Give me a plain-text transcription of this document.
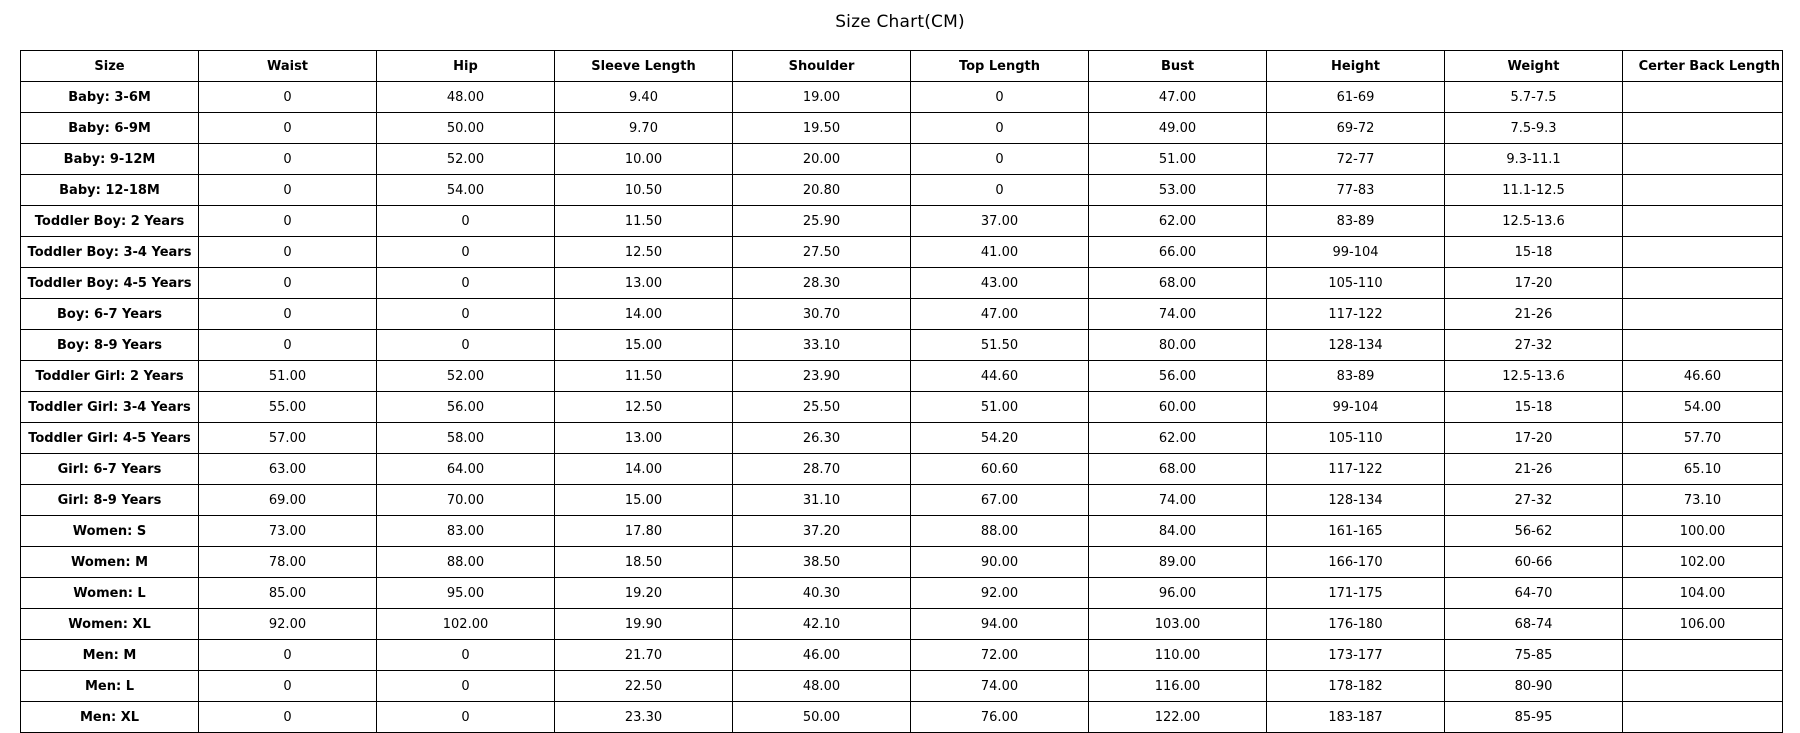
Size Chart(CM)
Size	Waist	Hip	Sleeve Length	Shoulder	Top Length	Bust	Height	Weight	Certer Back Length
Baby: 3-6M	0	48.00	9.40	19.00	0	47.00	61-69	5.7-7.5	
Baby: 6-9M	0	50.00	9.70	19.50	0	49.00	69-72	7.5-9.3	
Baby: 9-12M	0	52.00	10.00	20.00	0	51.00	72-77	9.3-11.1	
Baby: 12-18M	0	54.00	10.50	20.80	0	53.00	77-83	11.1-12.5	
Toddler Boy: 2 Years	0	0	11.50	25.90	37.00	62.00	83-89	12.5-13.6	
Toddler Boy: 3-4 Years	0	0	12.50	27.50	41.00	66.00	99-104	15-18	
Toddler Boy: 4-5 Years	0	0	13.00	28.30	43.00	68.00	105-110	17-20	
Boy: 6-7 Years	0	0	14.00	30.70	47.00	74.00	117-122	21-26	
Boy: 8-9 Years	0	0	15.00	33.10	51.50	80.00	128-134	27-32	
Toddler Girl: 2 Years	51.00	52.00	11.50	23.90	44.60	56.00	83-89	12.5-13.6	46.60
Toddler Girl: 3-4 Years	55.00	56.00	12.50	25.50	51.00	60.00	99-104	15-18	54.00
Toddler Girl: 4-5 Years	57.00	58.00	13.00	26.30	54.20	62.00	105-110	17-20	57.70
Girl: 6-7 Years	63.00	64.00	14.00	28.70	60.60	68.00	117-122	21-26	65.10
Girl: 8-9 Years	69.00	70.00	15.00	31.10	67.00	74.00	128-134	27-32	73.10
Women: S	73.00	83.00	17.80	37.20	88.00	84.00	161-165	56-62	100.00
Women: M	78.00	88.00	18.50	38.50	90.00	89.00	166-170	60-66	102.00
Women: L	85.00	95.00	19.20	40.30	92.00	96.00	171-175	64-70	104.00
Women: XL	92.00	102.00	19.90	42.10	94.00	103.00	176-180	68-74	106.00
Men: M	0	0	21.70	46.00	72.00	110.00	173-177	75-85	
Men: L	0	0	22.50	48.00	74.00	116.00	178-182	80-90	
Men: XL	0	0	23.30	50.00	76.00	122.00	183-187	85-95	
